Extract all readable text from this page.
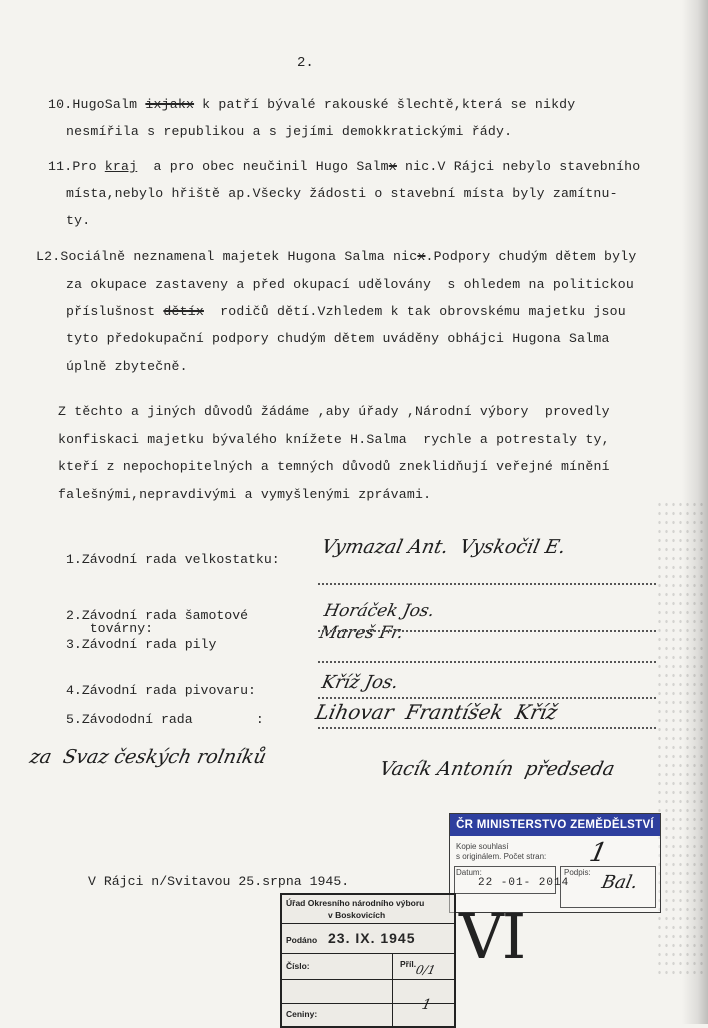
2.
10.HugoSalm ixjakx k patří bývalé rakouské šlechtě,která se nikdy
nesmířila s republikou a s jejími demokkratickými řády.
11.Pro kraj  a pro obec neučinil Hugo Salmx nic.V Rájci nebylo stavebního
místa,nebylo hřiště ap.Všecky žádosti o stavební místa byly zamítnu-
ty.
L2.Sociálně neznamenal majetek Hugona Salma nicx.Podpory chudým dětem byly
za okupace zastaveny a před okupací udělovány  s ohledem na politickou
příslušnost dětíx  rodičů dětí.Vzhledem k tak obrovskému majetku jsou
tyto předokupační podpory chudým dětem uváděny obhájci Hugona Salma
úplně zbytečně.
Z těchto a jiných důvodů žádáme ,aby úřady ,Národní výbory  provedly
konfiskaci majetku bývalého knížete H.Salma  rychle a potrestaly ty,
kteří z nepochopitelných a temných důvodů zneklidňují veřejné mínění
falešnými,nepravdivými a vymyšlenými zprávami.
1.Závodní rada velkostatku:
Vymazal Ant.  Vyskočil E.
2.Závodní rada šamotové
továrny:
Horáček Jos.
Mareš Fr.
3.Závodní rada pily
4.Závodní rada pivovaru:	Kříž Jos.
5.Závododní rada        : Lihovar  Frantíšek  Kříž
za  Svaz českých rolníků
Vacík Antonín  předseda
V Rájci n/Svitavou 25.srpna 1945.
ČR MINISTERSTVO ZEMĚDĚLSTVÍ
Kopie souhlasí
s originálem. Počet stran: 1
Datum:
22 -01- 2014
Podpis: Bal.
Úřad Okresního národního výboru
v Boskovicích
Podáno 23. IX. 1945
Číslo:	Příl.
0/1
Ceniny:
1
VI
